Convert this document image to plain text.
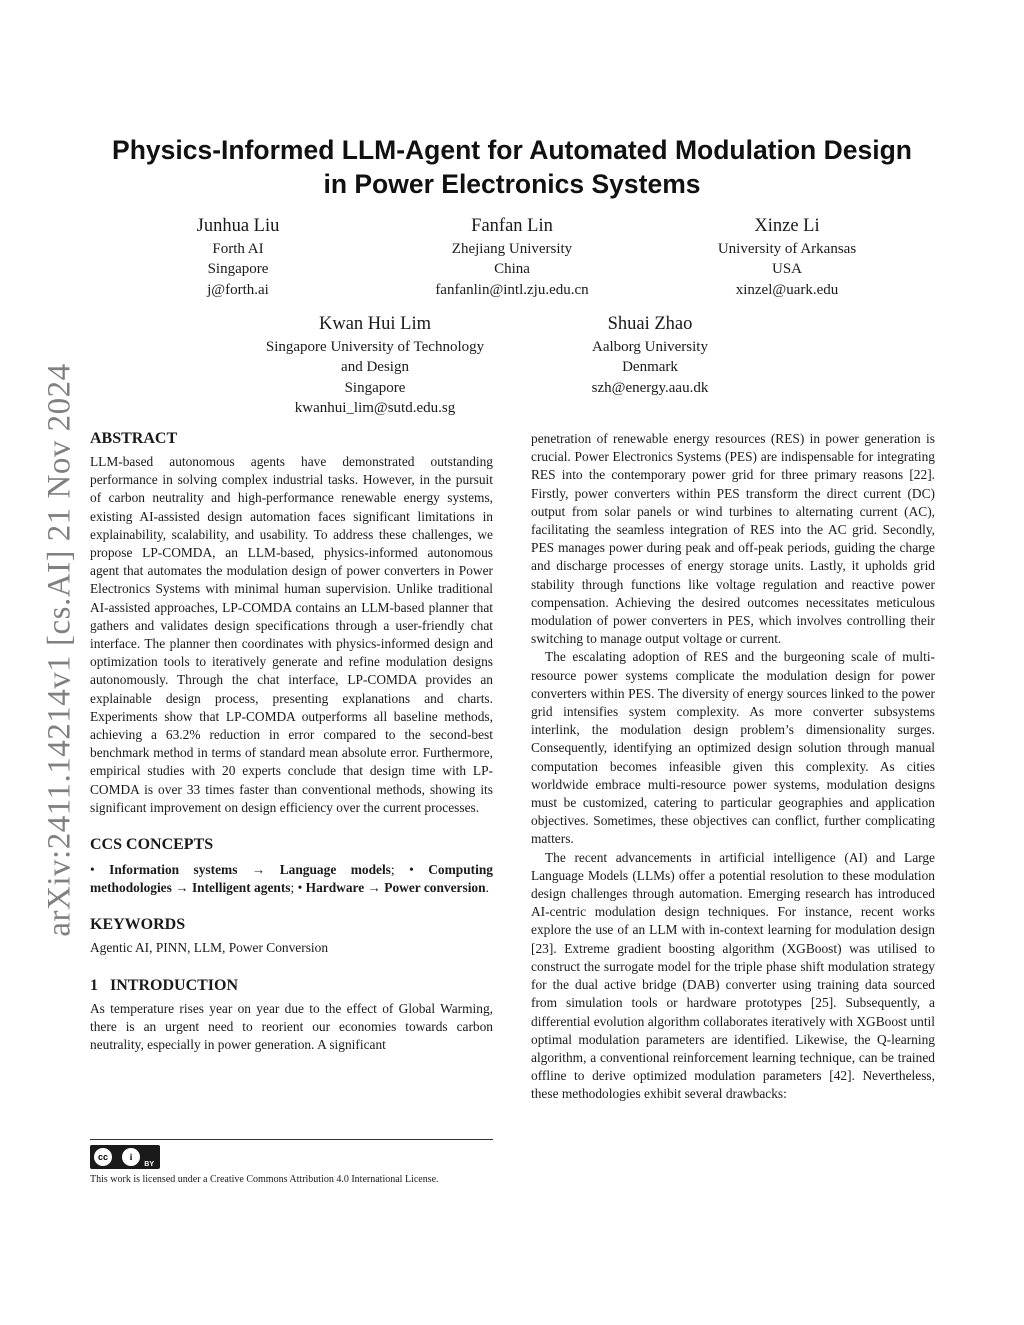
arXiv:2411.14214v1 [cs.AI] 21 Nov 2024
Physics-Informed LLM-Agent for Automated Modulation Design
in Power Electronics Systems
Junhua Liu
Forth AI
Singapore
j@forth.ai
Fanfan Lin
Zhejiang University
China
fanfanlin@intl.zju.edu.cn
Xinze Li
University of Arkansas
USA
xinzel@uark.edu
Kwan Hui Lim
Singapore University of Technology
and Design
Singapore
kwanhui_lim@sutd.edu.sg
Shuai Zhao
Aalborg University
Denmark
szh@energy.aau.dk
ABSTRACT

LLM-based autonomous agents have demonstrated outstanding performance in solving complex industrial tasks. However, in the pursuit of carbon neutrality and high-performance renewable energy systems, existing AI-assisted design automation faces significant limitations in explainability, scalability, and usability. To address these challenges, we propose LP-COMDA, an LLM-based, physics-informed autonomous agent that automates the modulation design of power converters in Power Electronics Systems with minimal human supervision. Unlike traditional AI-assisted approaches, LP-COMDA contains an LLM-based planner that gathers and validates design specifications through a user-friendly chat interface. The planner then coordinates with physics-informed design and optimization tools to iteratively generate and refine modulation designs autonomously. Through the chat interface, LP-COMDA provides an explainable design process, presenting explanations and charts. Experiments show that LP-COMDA outperforms all baseline methods, achieving a 63.2% reduction in error compared to the second-best benchmark method in terms of standard mean absolute error. Furthermore, empirical studies with 20 experts conclude that design time with LP-COMDA is over 33 times faster than conventional methods, showing its significant improvement on design efficiency over the current processes.

CCS CONCEPTS
• Information systems → Language models; • Computing methodologies → Intelligent agents; • Hardware → Power conversion.
KEYWORDS

Agentic AI, PINN, LLM, Power Conversion

1   INTRODUCTION

As temperature rises year on year due to the effect of Global Warming, there is an urgent need to reorient our economies towards carbon neutrality, especially in power generation. A significant

cc	i
BY
This work is licensed under a Creative Commons Attribution 4.0 International License.

penetration of renewable energy resources (RES) in power generation is crucial. Power Electronics Systems (PES) are indispensable for integrating RES into the contemporary power grid for three primary reasons [22]. Firstly, power converters within PES transform the direct current (DC) output from solar panels or wind turbines to alternating current (AC), facilitating the seamless integration of RES into the AC grid. Secondly, PES manages power during peak and off-peak periods, guiding the charge and discharge processes of energy storage units. Lastly, it upholds grid stability through functions like voltage regulation and reactive power compensation. Achieving the desired outcomes necessitates meticulous modulation of power converters in PES, which involves controlling their switching to manage output voltage or current.

The escalating adoption of RES and the burgeoning scale of multi-resource power systems complicate the modulation design for power converters within PES. The diversity of energy sources linked to the power grid intensifies system complexity. As more converter subsystems interlink, the modulation design problem’s dimensionality surges. Consequently, identifying an optimized design solution through manual computation becomes infeasible given this complexity. As cities worldwide embrace multi-resource power systems, modulation designs must be customized, catering to particular geographies and application objectives. Sometimes, these objectives can conflict, further complicating matters.

The recent advancements in artificial intelligence (AI) and Large Language Models (LLMs) offer a potential resolution to these modulation design challenges through automation. Emerging research has introduced AI-centric modulation design techniques. For instance, recent works explore the use of an LLM with in-context learning for modulation design [23]. Extreme gradient boosting algorithm (XGBoost) was utilised to construct the surrogate model for the triple phase shift modulation strategy for the dual active bridge (DAB) converter using training data sourced from simulation tools or hardware prototypes [25]. Subsequently, a differential evolution algorithm collaborates iteratively with XGBoost until optimal modulation parameters are identified. Likewise, the Q-learning algorithm, a conventional reinforcement learning technique, can be trained offline to derive optimized modulation parameters [42]. Nevertheless, these methodologies exhibit several drawbacks:
